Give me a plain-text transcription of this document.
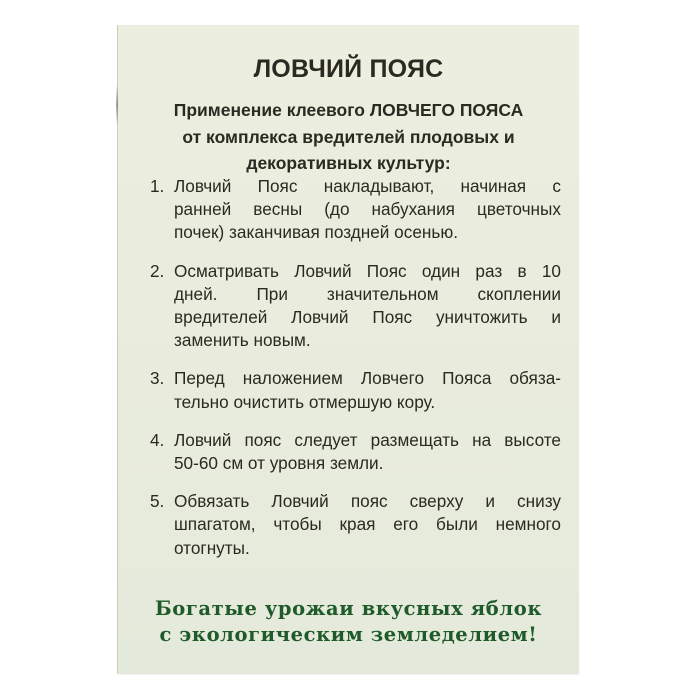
ЛОВЧИЙ ПОЯС
Применение клеевого ЛОВЧЕГО ПОЯСА
от комплекса вредителей плодовых и
декоративных культур:
1. Ловчий Пояс накладывают, начиная с
ранней весны (до набухания цветочных
почек) заканчивая поздней осенью.
2. Осматривать Ловчий Пояс один раз в 10
дней. При значительном скоплении
вредителей Ловчий Пояс уничтожить и
заменить новым.
3. Перед наложением Ловчего Пояса обяза-
тельно очистить отмершую кору.
4. Ловчий пояс следует размещать на высоте
50-60 см от уровня земли.
5. Обвязать Ловчий пояс сверху и снизу
шпагатом, чтобы края его были немного
отогнуты.
Богатые урожаи вкусных яблок
с экологическим земледелием!
